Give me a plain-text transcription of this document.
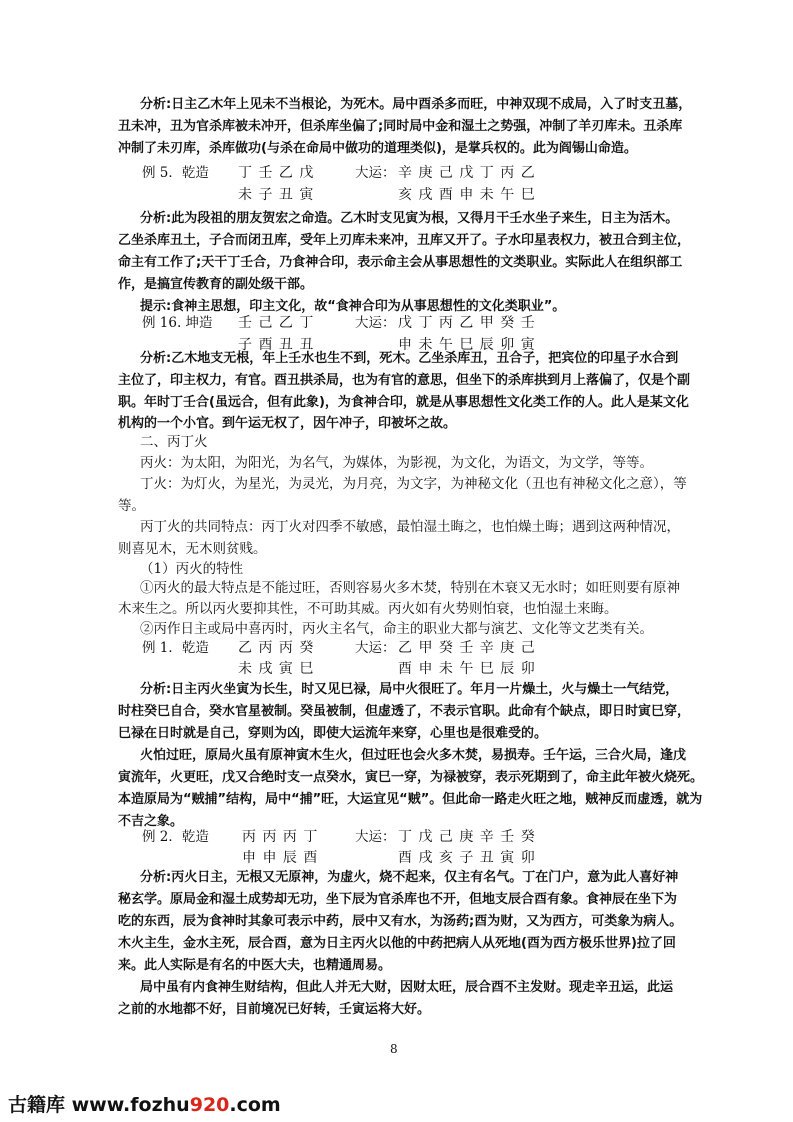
分析:日主乙木年上见未不当根论，为死木。局中酉杀多而旺，中神双现不成局，入了时支丑墓，
丑未冲，丑为官杀库被未冲开，但杀库坐偏了;同时局中金和湿土之势强，冲制了羊刃库未。丑杀库
冲制了未刃库，杀库做功(与杀在命局中做功的道理类似)，是掌兵权的。此为阎锡山命造。
例 5．乾造 丁 壬 乙 戊	大运： 辛 庚 己 戊 丁 丙 乙
未 子 丑 寅	亥 戌 酉 申 未 午 巳
分析:此为段祖的朋友贺宏之命造。乙木时支见寅为根，又得月干壬水坐子来生，日主为活木。
乙坐杀库丑土，子合而闭丑库，受年上刃库未来冲，丑库又开了。子水印星表权力，被丑合到主位，
命主有工作了;天干丁壬合，乃食神合印，表示命主会从事思想性的文类职业。实际此人在组织部工
作，是搞宣传教育的副处级干部。
提示:食神主思想，印主文化，故“食神合印为从事思想性的文化类职业”。
例 16. 坤造 壬 己 乙 丁	大运： 戊 丁 丙 乙 甲 癸 壬
子 酉 丑 丑	申 未 午 巳 辰 卯 寅
分析:乙木地支无根，年上壬水也生不到，死木。乙坐杀库丑，丑合子，把宾位的印星子水合到
主位了，印主权力，有官。酉丑拱杀局，也为有官的意思，但坐下的杀库拱到月上落偏了，仅是个副
职。年时丁壬合(虽远合，但有此象)，为食神合印，就是从事思想性文化类工作的人。此人是某文化
机构的一个小官。到午运无权了，因午冲子，印被坏之故。
二、丙丁火
丙火：为太阳，为阳光，为名气，为媒体，为影视，为文化，为语文，为文学，等等。
丁火：为灯火，为星光，为灵光，为月亮，为文字，为神秘文化（丑也有神秘文化之意），等
等。
丙丁火的共同特点：丙丁火对四季不敏感，最怕湿土晦之，也怕燥土晦；遇到这两种情况，
则喜见木，无木则贫贱。
（1）丙火的特性
①丙火的最大特点是不能过旺，否则容易火多木焚，特别在木衰又无水时；如旺则要有原神
木来生之。所以丙火要抑其性，不可助其威。丙火如有火势则怕衰，也怕湿土来晦。
②丙作日主或局中喜丙时，丙火主名气，命主的职业大都与演艺、文化等文艺类有关。
例 1．乾造 乙 丙 丙 癸	大运： 乙 甲 癸 壬 辛 庚 己
未 戌 寅 巳	酉 申 未 午 巳 辰 卯
分析:日主丙火坐寅为长生，时又见巳禄，局中火很旺了。年月一片燥土，火与燥土一气结党，
时柱癸巳自合，癸水官星被制。癸虽被制，但虚透了，不表示官职。此命有个缺点，即日时寅巳穿，
巳禄在日时就是自己，穿则为凶，即使大运流年来穿，心里也是很难受的。
火怕过旺，原局火虽有原神寅木生火，但过旺也会火多木焚，易损寿。壬午运，三合火局，逢戊
寅流年，火更旺，戊又合绝时支一点癸水，寅巳一穿，为禄被穿，表示死期到了，命主此年被火烧死。
本造原局为“贼捕”结构，局中“捕”旺，大运宜见“贼”。但此命一路走火旺之地，贼神反而虚透，就为
不吉之象。
例 2．乾造 丙 丙 丙 丁	大运： 丁 戊 己 庚 辛 壬 癸
申 申 辰 酉	酉 戌 亥 子 丑 寅 卯
分析:丙火日主，无根又无原神，为虚火，烧不起来，仅主有名气。丁在门户，意为此人喜好神
秘玄学。原局金和湿土成势却无功，坐下辰为官杀库也不开，但地支辰合酉有象。食神辰在坐下为
吃的东西，辰为食神时其象可表示中药，辰中又有水，为汤药;酉为财，又为西方，可类象为病人。
木火主生，金水主死，辰合酉，意为日主丙火以他的中药把病人从死地(酉为西方极乐世界)拉了回
来。此人实际是有名的中医大夫，也精通周易。
局中虽有内食神生财结构，但此人并无大财，因财太旺，辰合酉不主发财。现走辛丑运，此运
之前的水地都不好，目前境况已好转，壬寅运将大好。
8
古籍库 www.fozhu920.com
